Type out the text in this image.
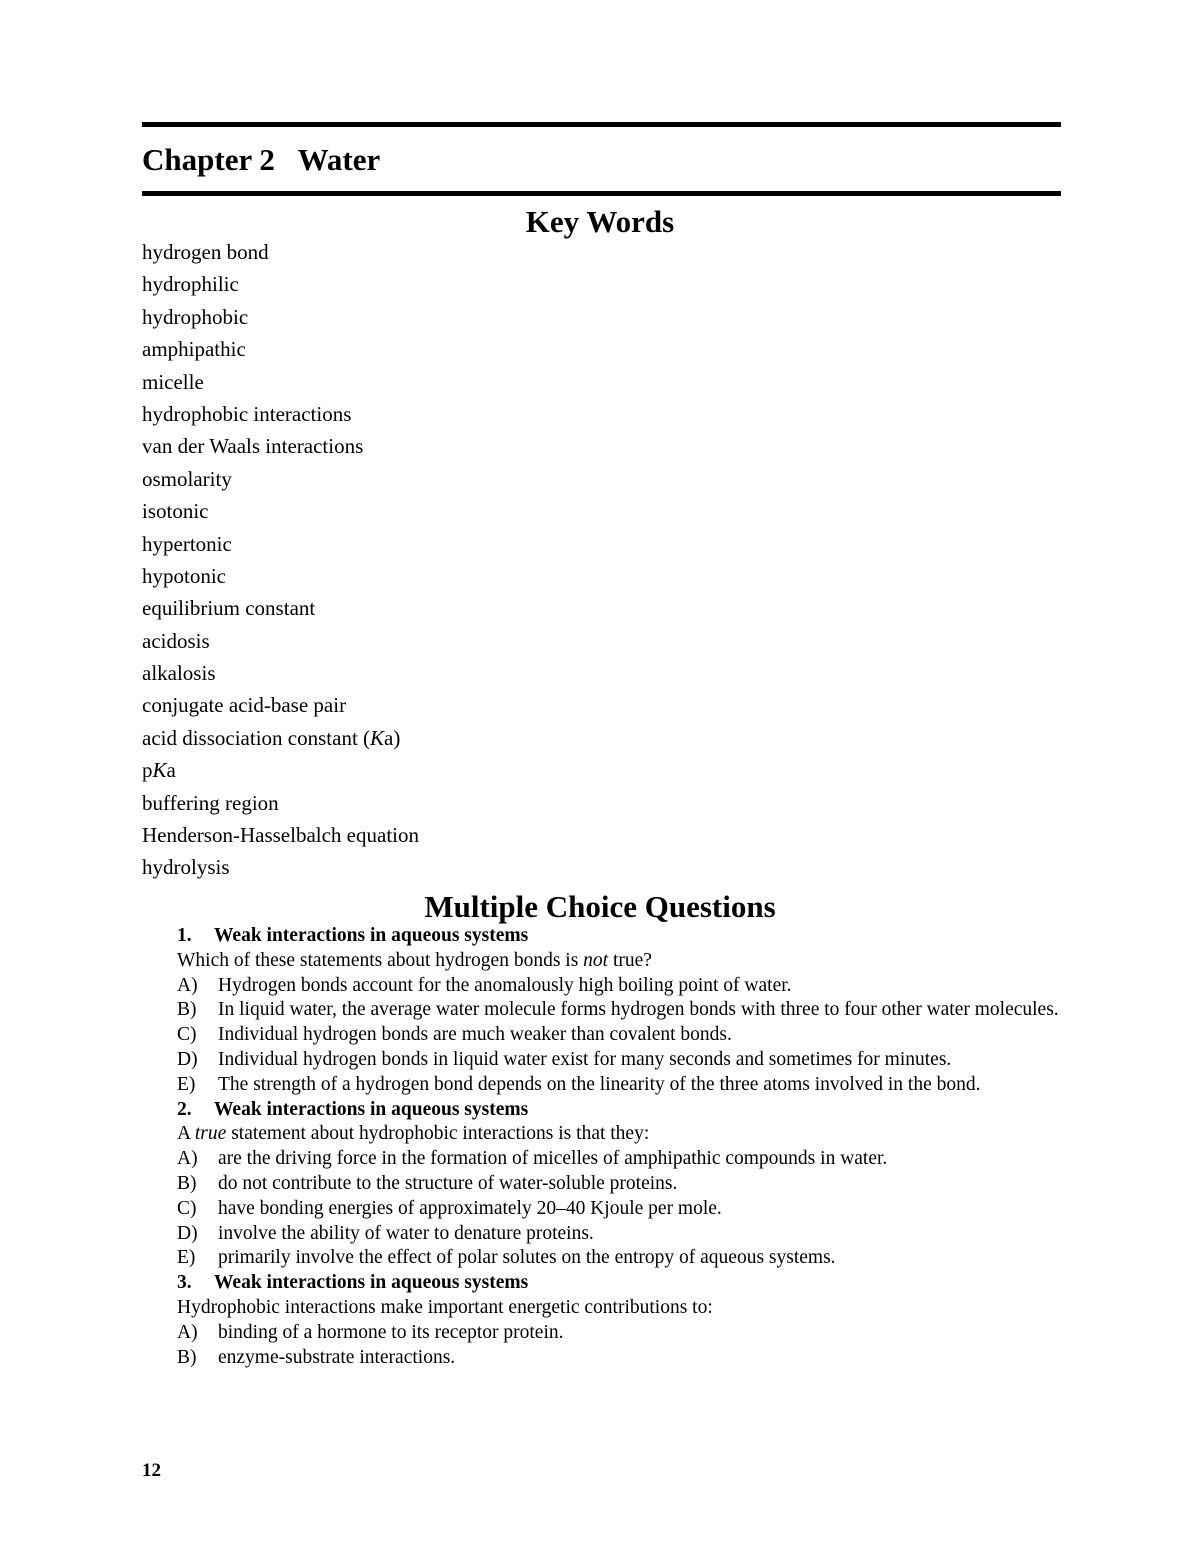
Chapter 2   Water
Key Words
hydrogen bond
hydrophilic
hydrophobic
amphipathic
micelle
hydrophobic interactions
van der Waals interactions
osmolarity
isotonic
hypertonic
hypotonic
equilibrium constant
acidosis
alkalosis
conjugate acid-base pair
acid dissociation constant (Ka)
pKa
buffering region
Henderson-Hasselbalch equation
hydrolysis
Multiple Choice Questions
1. Weak interactions in aqueous systems
Which of these statements about hydrogen bonds is not true?
A)	Hydrogen bonds account for the anomalously high boiling point of water.
B)	In liquid water, the average water molecule forms hydrogen bonds with three to four other water molecules.
C)	Individual hydrogen bonds are much weaker than covalent bonds.
D)	Individual hydrogen bonds in liquid water exist for many seconds and sometimes for minutes.
E)	The strength of a hydrogen bond depends on the linearity of the three atoms involved in the bond.
2. Weak interactions in aqueous systems
A true statement about hydrophobic interactions is that they:
A)	are the driving force in the formation of micelles of amphipathic compounds in water.
B)	do not contribute to the structure of water-soluble proteins.
C)	have bonding energies of approximately 20–40 Kjoule per mole.
D)	involve the ability of water to denature proteins.
E)	primarily involve the effect of polar solutes on the entropy of aqueous systems.
3. Weak interactions in aqueous systems
Hydrophobic interactions make important energetic contributions to:
A)	binding of a hormone to its receptor protein.
B)	enzyme-substrate interactions.
12
